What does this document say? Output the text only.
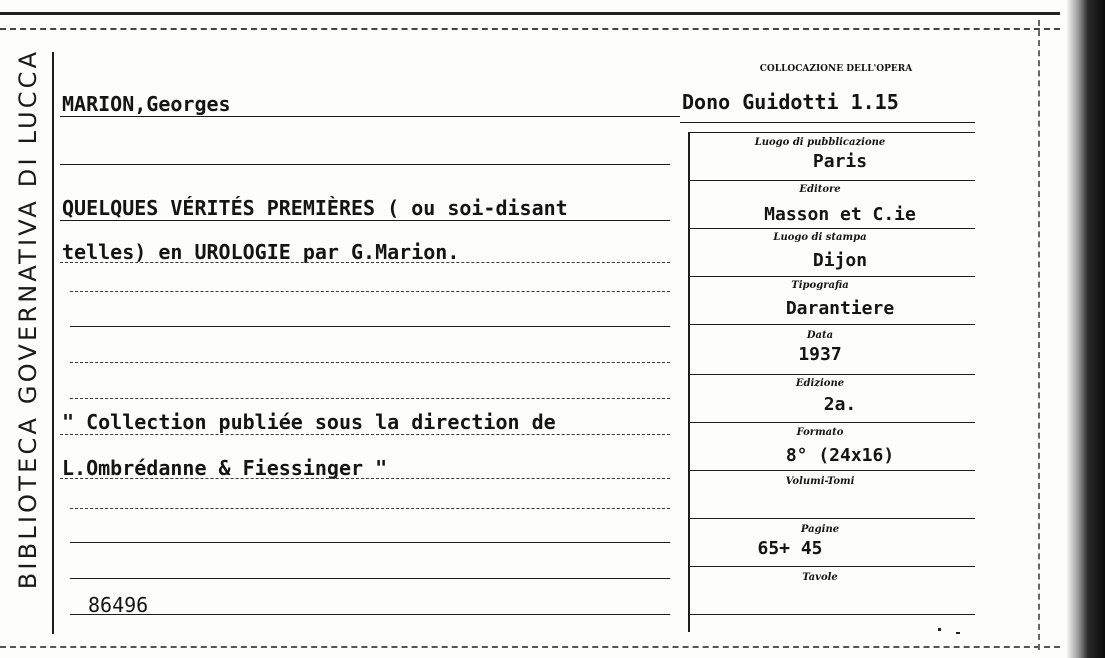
BIBLIOTECA GOVERNATIVA DI LUCCA	COLLOCAZIONE DELL'OPERA
Dono Guidotti 1.15
MARION,Georges
QUELQUES VÉRITÉS PREMIÈRES ( ou soi-disant
telles) en UROLOGIE par G.Marion.
" Collection publiée sous la direction de
L.Ombrédanne & Fiessinger "
86496
Luogo di pubblicazione
Paris
Editore
Masson et C.ie
Luogo di stampa
Dijon
Tipografia
Darantiere
Data
1937
Edizione
2a.
Formato
8° (24x16)
Volumi-Tomi
Pagine
65+ 45
Tavole
